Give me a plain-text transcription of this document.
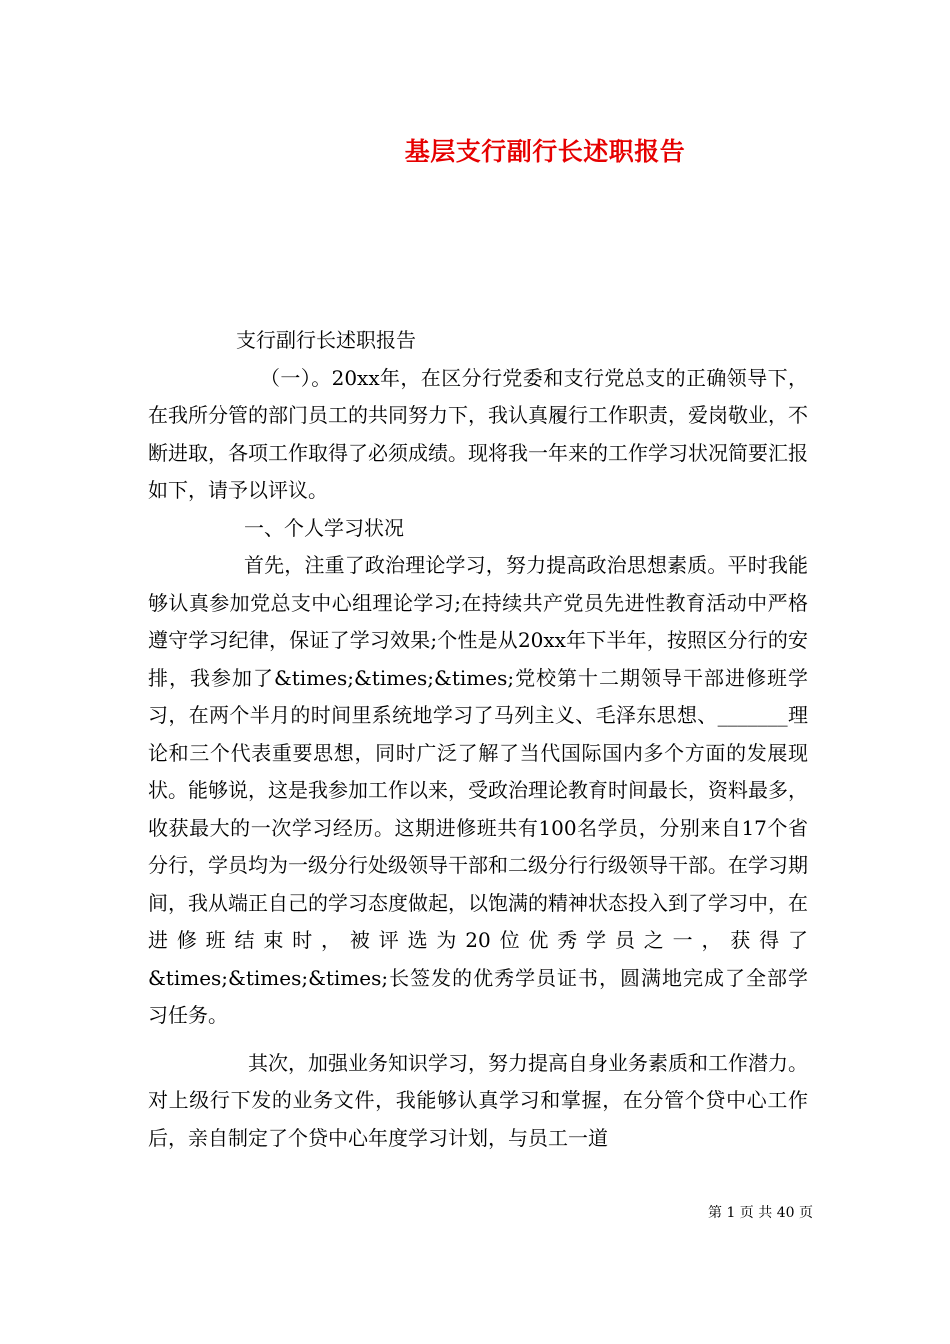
基层支行副行长述职报告

支行副行长述职报告

（一）。20xx年，在区分行党委和支行党总支的正确领导下，在我所分管的部门员工的共同努力下，我认真履行工作职责，爱岗敬业，不断进取，各项工作取得了必须成绩。现将我一年来的工作学习状况简要汇报如下，请予以评议。

一、个人学习状况

首先，注重了政治理论学习，努力提高政治思想素质。平时我能够认真参加党总支中心组理论学习;在持续共产党员先进性教育活动中严格遵守学习纪律，保证了学习效果;个性是从20xx年下半年，按照区分行的安排，我参加了&times;&times;&times;党校第十二期领导干部进修班学习，在两个半月的时间里系统地学习了马列主义、毛泽东思想、_______理论和三个代表重要思想，同时广泛了解了当代国际国内多个方面的发展现状。能够说，这是我参加工作以来，受政治理论教育时间最长，资料最多，收获最大的一次学习经历。这期进修班共有100名学员，分别来自17个省分行，学员均为一级分行处级领导干部和二级分行行级领导干部。在学习期间，我从端正自己的学习态度做起，以饱满的精神状态投入到了学习中，在进修班结束时，被评选为20位优秀学员之一，获得了&times;&times;&times;长签发的优秀学员证书，圆满地完成了全部学习任务。

其次，加强业务知识学习，努力提高自身业务素质和工作潜力。对上级行下发的业务文件，我能够认真学习和掌握，在分管个贷中心工作后，亲自制定了个贷中心年度学习计划，与员工一道

第 1 页 共 40 页
